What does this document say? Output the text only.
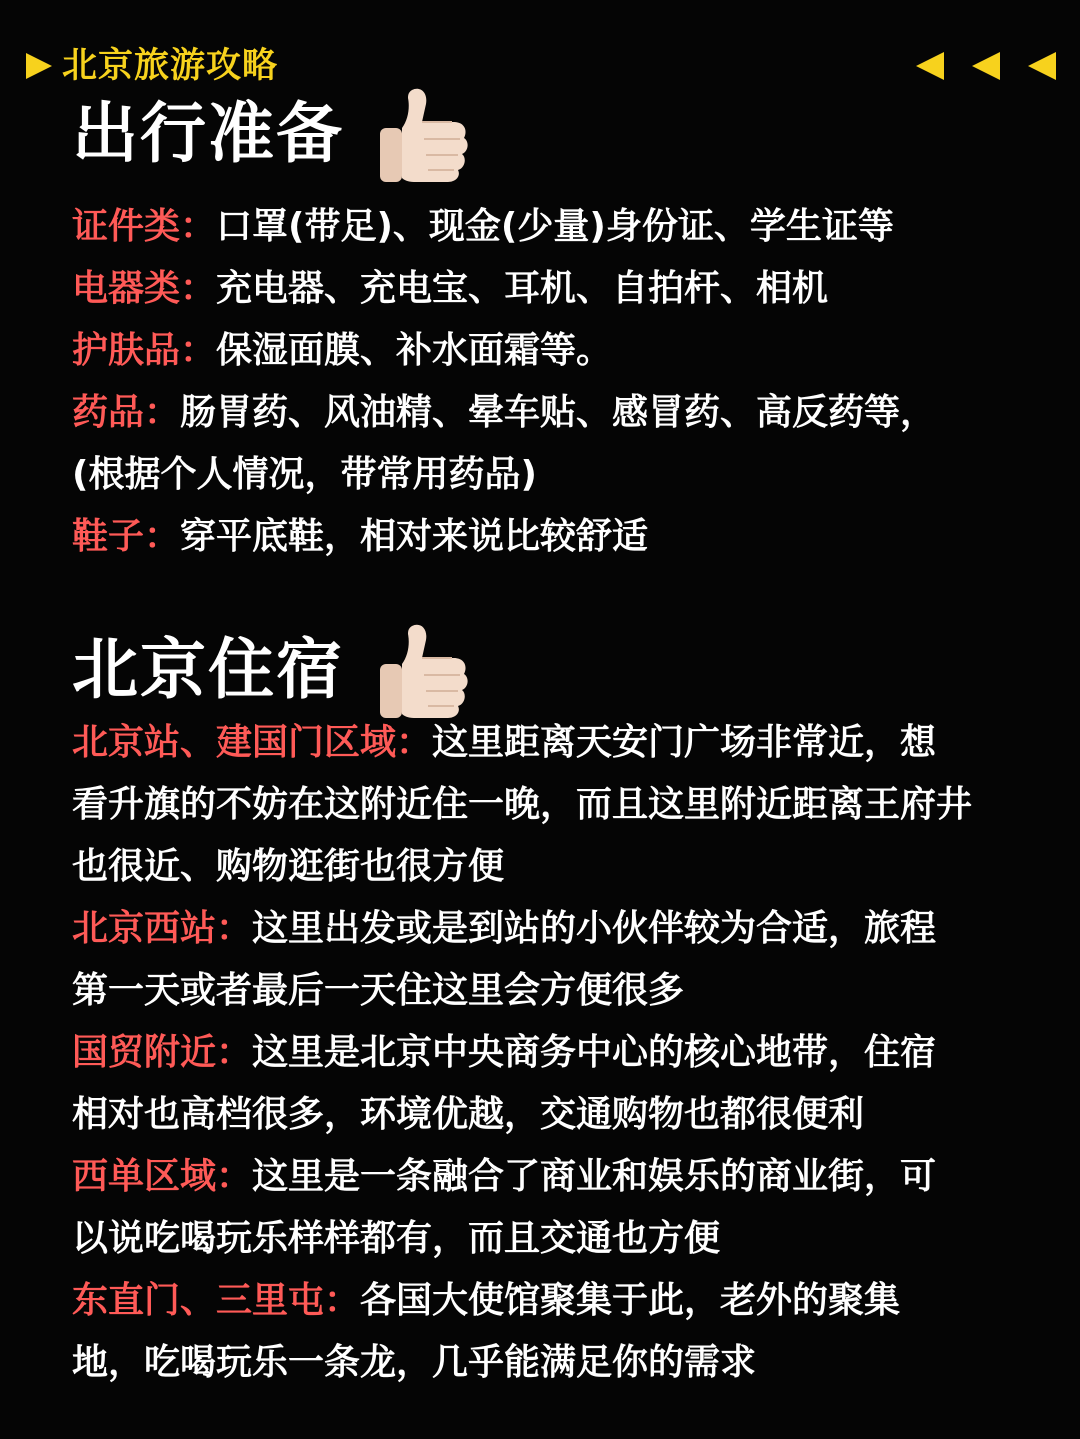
北京旅游攻略
出行准备

证件类：口罩(带足)、现金(少量)身份证、学生证等

电器类：充电器、充电宝、耳机、自拍杆、相机

护肤品：保湿面膜、补水面霜等。

药品：肠胃药、风油精、晕车贴、感冒药、高反药等，(根据个人情况，带常用药品)

鞋子：穿平底鞋，相对来说比较舒适

北京住宿

北京站、建国门区域：这里距离天安门广场非常近，想看升旗的不妨在这附近住一晚，而且这里附近距离王府井也很近、购物逛街也很方便

北京西站：这里出发或是到站的小伙伴较为合适，旅程第一天或者最后一天住这里会方便很多

国贸附近：这里是北京中央商务中心的核心地带，住宿相对也高档很多，环境优越，交通购物也都很便利

西单区域：这里是一条融合了商业和娱乐的商业街，可以说吃喝玩乐样样都有，而且交通也方便

东直门、三里屯：各国大使馆聚集于此，老外的聚集地，吃喝玩乐一条龙，几乎能满足你的需求
